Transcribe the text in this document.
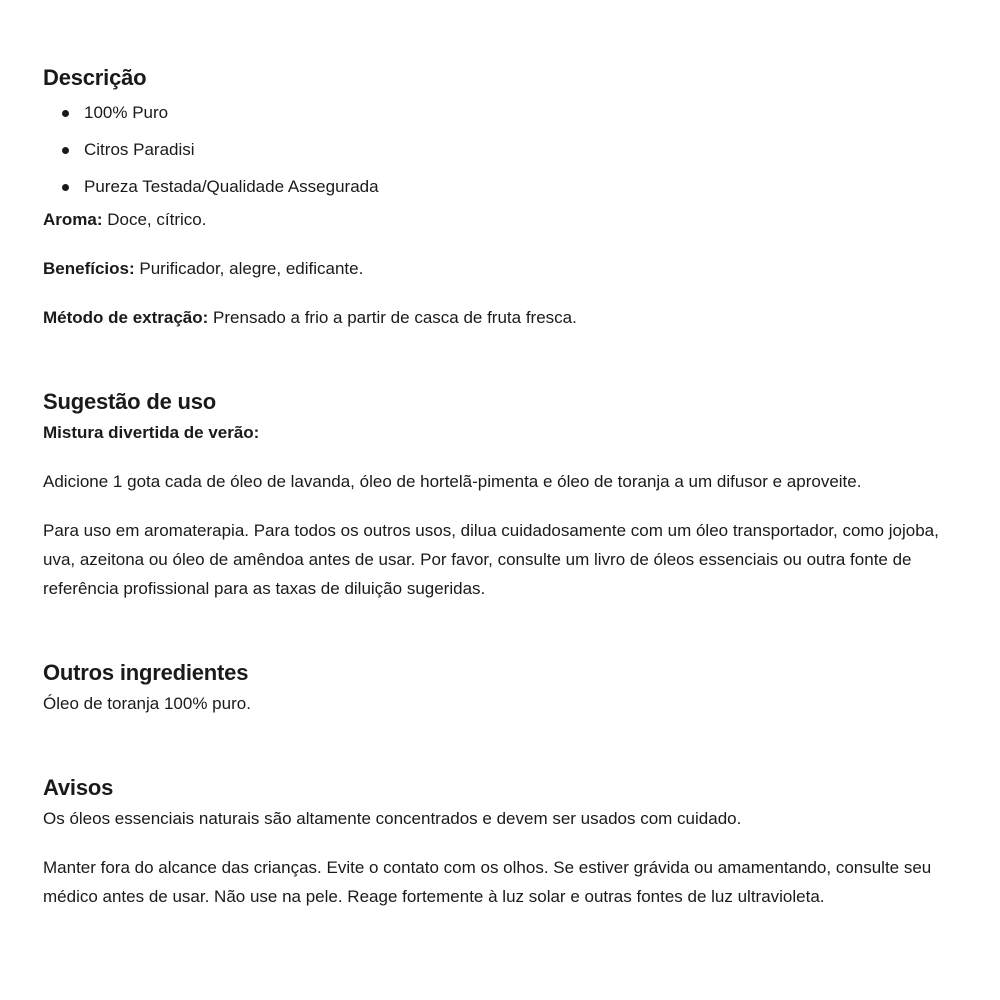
Descrição
100% Puro
Citros Paradisi
Pureza Testada/Qualidade Assegurada

Aroma: Doce, cítrico.

Benefícios: Purificador, alegre, edificante.

Método de extração: Prensado a frio a partir de casca de fruta fresca.

Sugestão de uso

Mistura divertida de verão:

Adicione 1 gota cada de óleo de lavanda, óleo de hortelã-pimenta e óleo de toranja a um difusor e aproveite.

Para uso em aromaterapia. Para todos os outros usos, dilua cuidadosamente com um óleo transportador, como jojoba, uva, azeitona ou óleo de amêndoa antes de usar. Por favor, consulte um livro de óleos essenciais ou outra fonte de referência profissional para as taxas de diluição sugeridas.

Outros ingredientes

Óleo de toranja 100% puro.

Avisos

Os óleos essenciais naturais são altamente concentrados e devem ser usados com cuidado.

Manter fora do alcance das crianças. Evite o contato com os olhos. Se estiver grávida ou amamentando, consulte seu médico antes de usar. Não use na pele. Reage fortemente à luz solar e outras fontes de luz ultravioleta.
